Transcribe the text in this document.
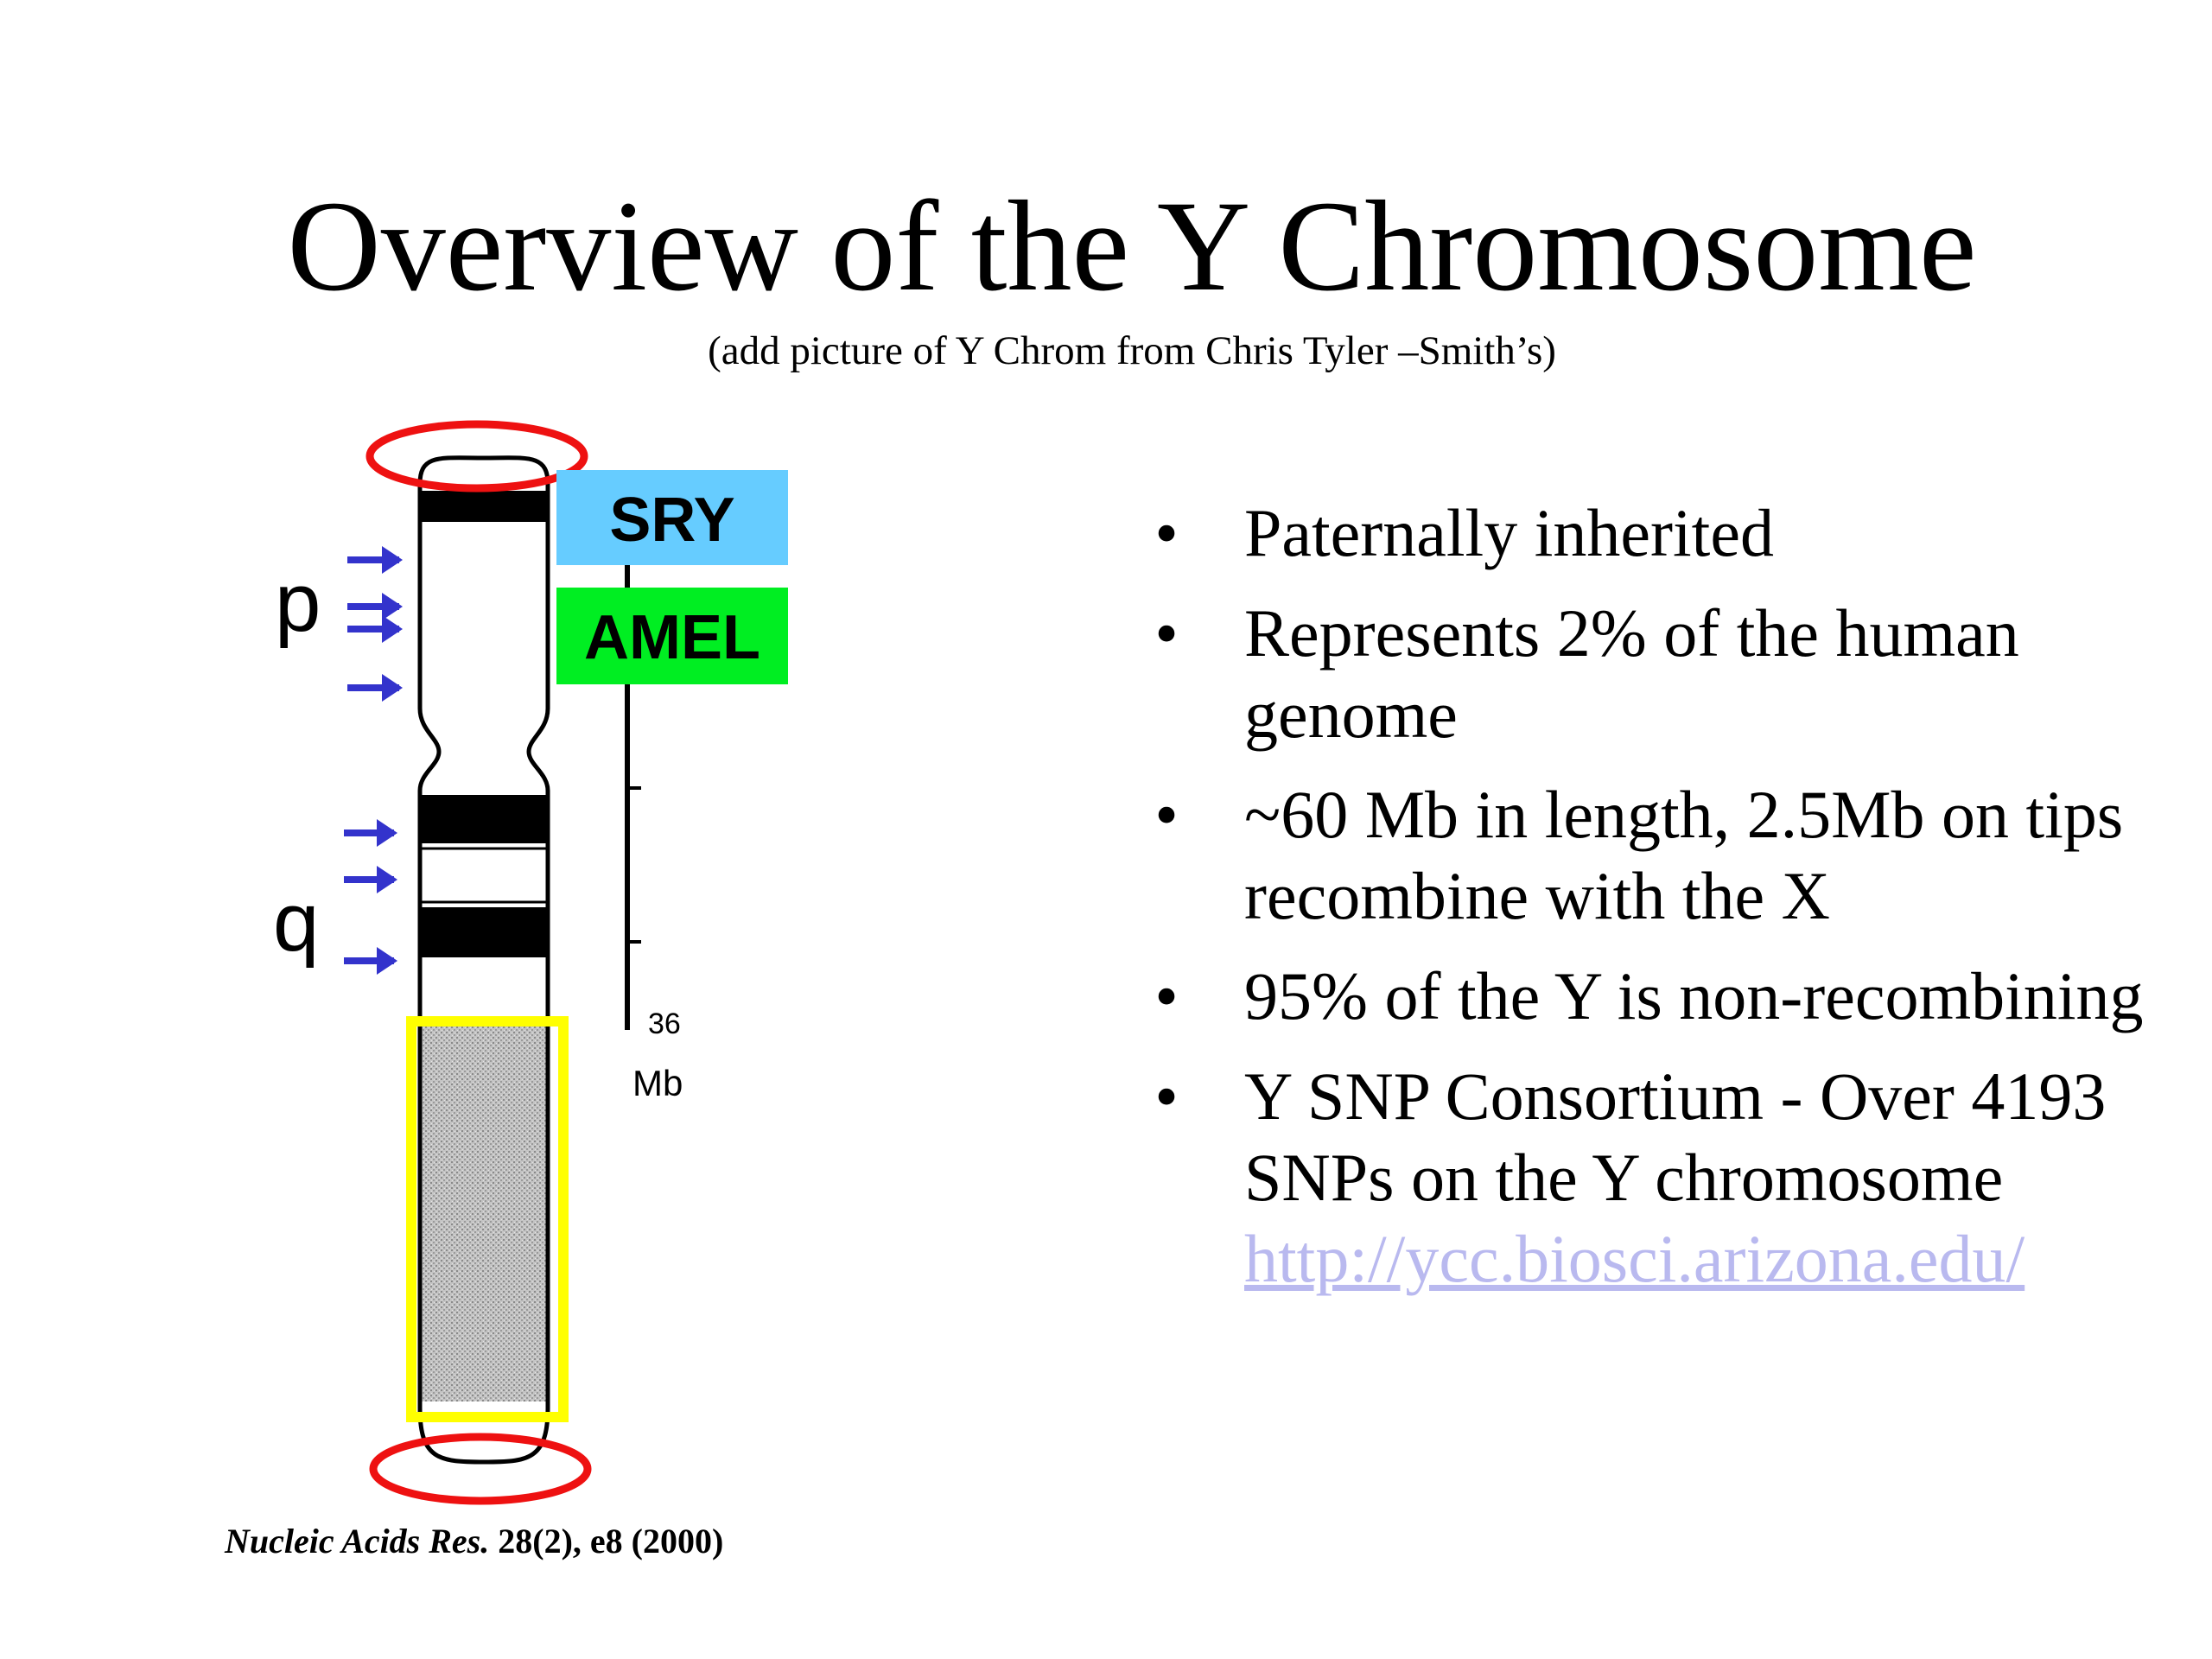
Overview of the Y Chromosome
(add picture of Y Chrom from Chris Tyler –Smith’s)
p
q
36
Mb
SRY
AMEL
Nucleic Acids Res. 28(2), e8 (2000)
• Paternally inherited
• Represents 2% of the human genome
• ~60 Mb in length, 2.5Mb on tips recombine with the X
• 95% of the Y is non-recombining
• Y SNP Consortium - Over 4193 SNPs on the Y chromosome
http://ycc.biosci.arizona.edu/
